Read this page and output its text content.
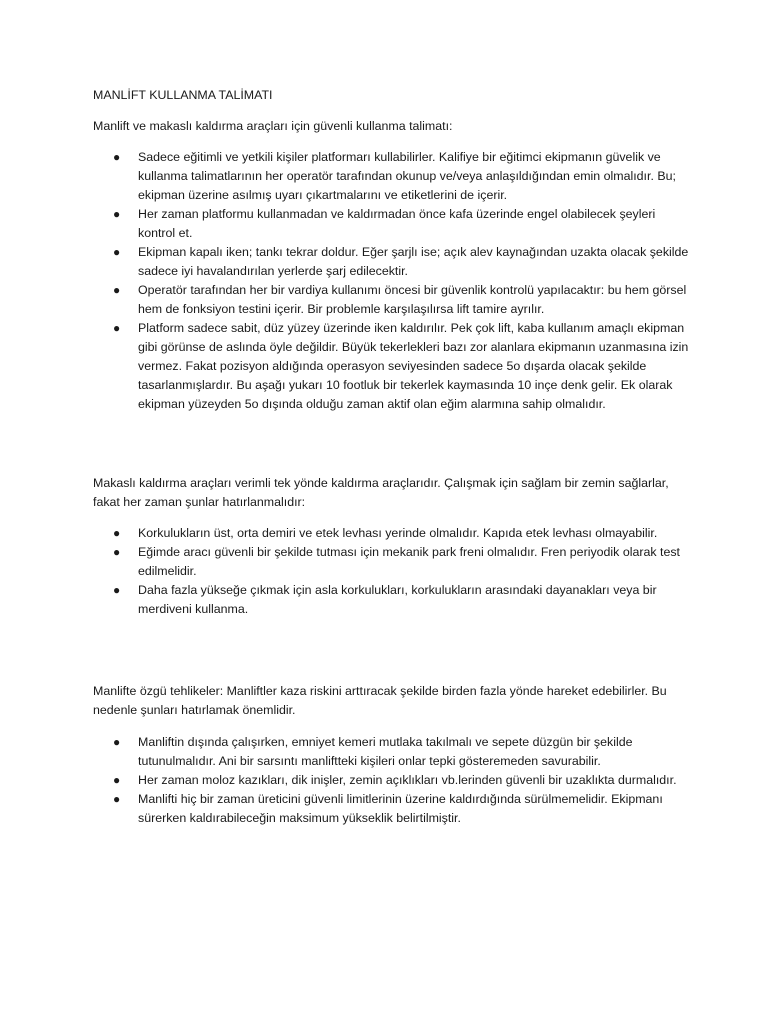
MANLİFT KULLANMA TALİMATI

Manlift ve makaslı kaldırma araçları için güvenli kullanma talimatı:

● Sadece eğitimli ve yetkili kişiler platformarı kullabilirler. Kalifiye bir eğitimci ekipmanın güvelik ve kullanma talimatlarının her operatör tarafından okunup ve/veya anlaşıldığından emin olmalıdır. Bu; ekipman üzerine asılmış uyarı çıkartmalarını ve etiketlerini de içerir.
● Her zaman platformu kullanmadan ve kaldırmadan önce kafa üzerinde engel olabilecek şeyleri kontrol et.
● Ekipman kapalı iken; tankı tekrar doldur. Eğer şarjlı ise; açık alev kaynağından uzakta olacak şekilde sadece iyi havalandırılan yerlerde şarj edilecektir.
● Operatör tarafından her bir vardiya kullanımı öncesi bir güvenlik kontrolü yapılacaktır: bu hem görsel hem de fonksiyon testini içerir. Bir problemle karşılaşılırsa lift tamire ayrılır.
● Platform sadece sabit, düz yüzey üzerinde iken kaldırılır. Pek çok lift, kaba kullanım amaçlı ekipman gibi görünse de aslında öyle değildir. Büyük tekerlekleri bazı zor alanlara ekipmanın uzanmasına izin vermez. Fakat pozisyon aldığında operasyon seviyesinden sadece 5o dışarda olacak şekilde tasarlanmışlardır. Bu aşağı yukarı 10 footluk bir tekerlek kaymasında 10 inçe denk gelir. Ek olarak ekipman yüzeyden 5o dışında olduğu zaman aktif olan eğim alarmına sahip olmalıdır.

Makaslı kaldırma araçları verimli tek yönde kaldırma araçlarıdır. Çalışmak için sağlam bir zemin sağlarlar, fakat her zaman şunlar hatırlanmalıdır:

● Korkulukların üst, orta demiri ve etek levhası yerinde olmalıdır. Kapıda etek levhası olmayabilir.
● Eğimde aracı güvenli bir şekilde tutması için mekanik park freni olmalıdır. Fren periyodik olarak test edilmelidir.
● Daha fazla yükseğe çıkmak için asla korkulukları, korkulukların arasındaki dayanakları veya bir merdiveni kullanma.

Manlifte özgü tehlikeler: Manliftler kaza riskini arttıracak şekilde birden fazla yönde hareket edebilirler. Bu nedenle şunları hatırlamak önemlidir.

● Manliftin dışında çalışırken, emniyet kemeri mutlaka takılmalı ve sepete düzgün bir şekilde tutunulmalıdır. Ani bir sarsıntı manliftteki kişileri onlar tepki gösteremeden savurabilir.
● Her zaman moloz kazıkları, dik inişler, zemin açıklıkları vb.lerinden güvenli bir uzaklıkta durmalıdır.
● Manlifti hiç bir zaman üreticini güvenli limitlerinin üzerine kaldırdığında sürülmemelidir. Ekipmanı sürerken kaldırabileceğin maksimum yükseklik belirtilmiştir.
